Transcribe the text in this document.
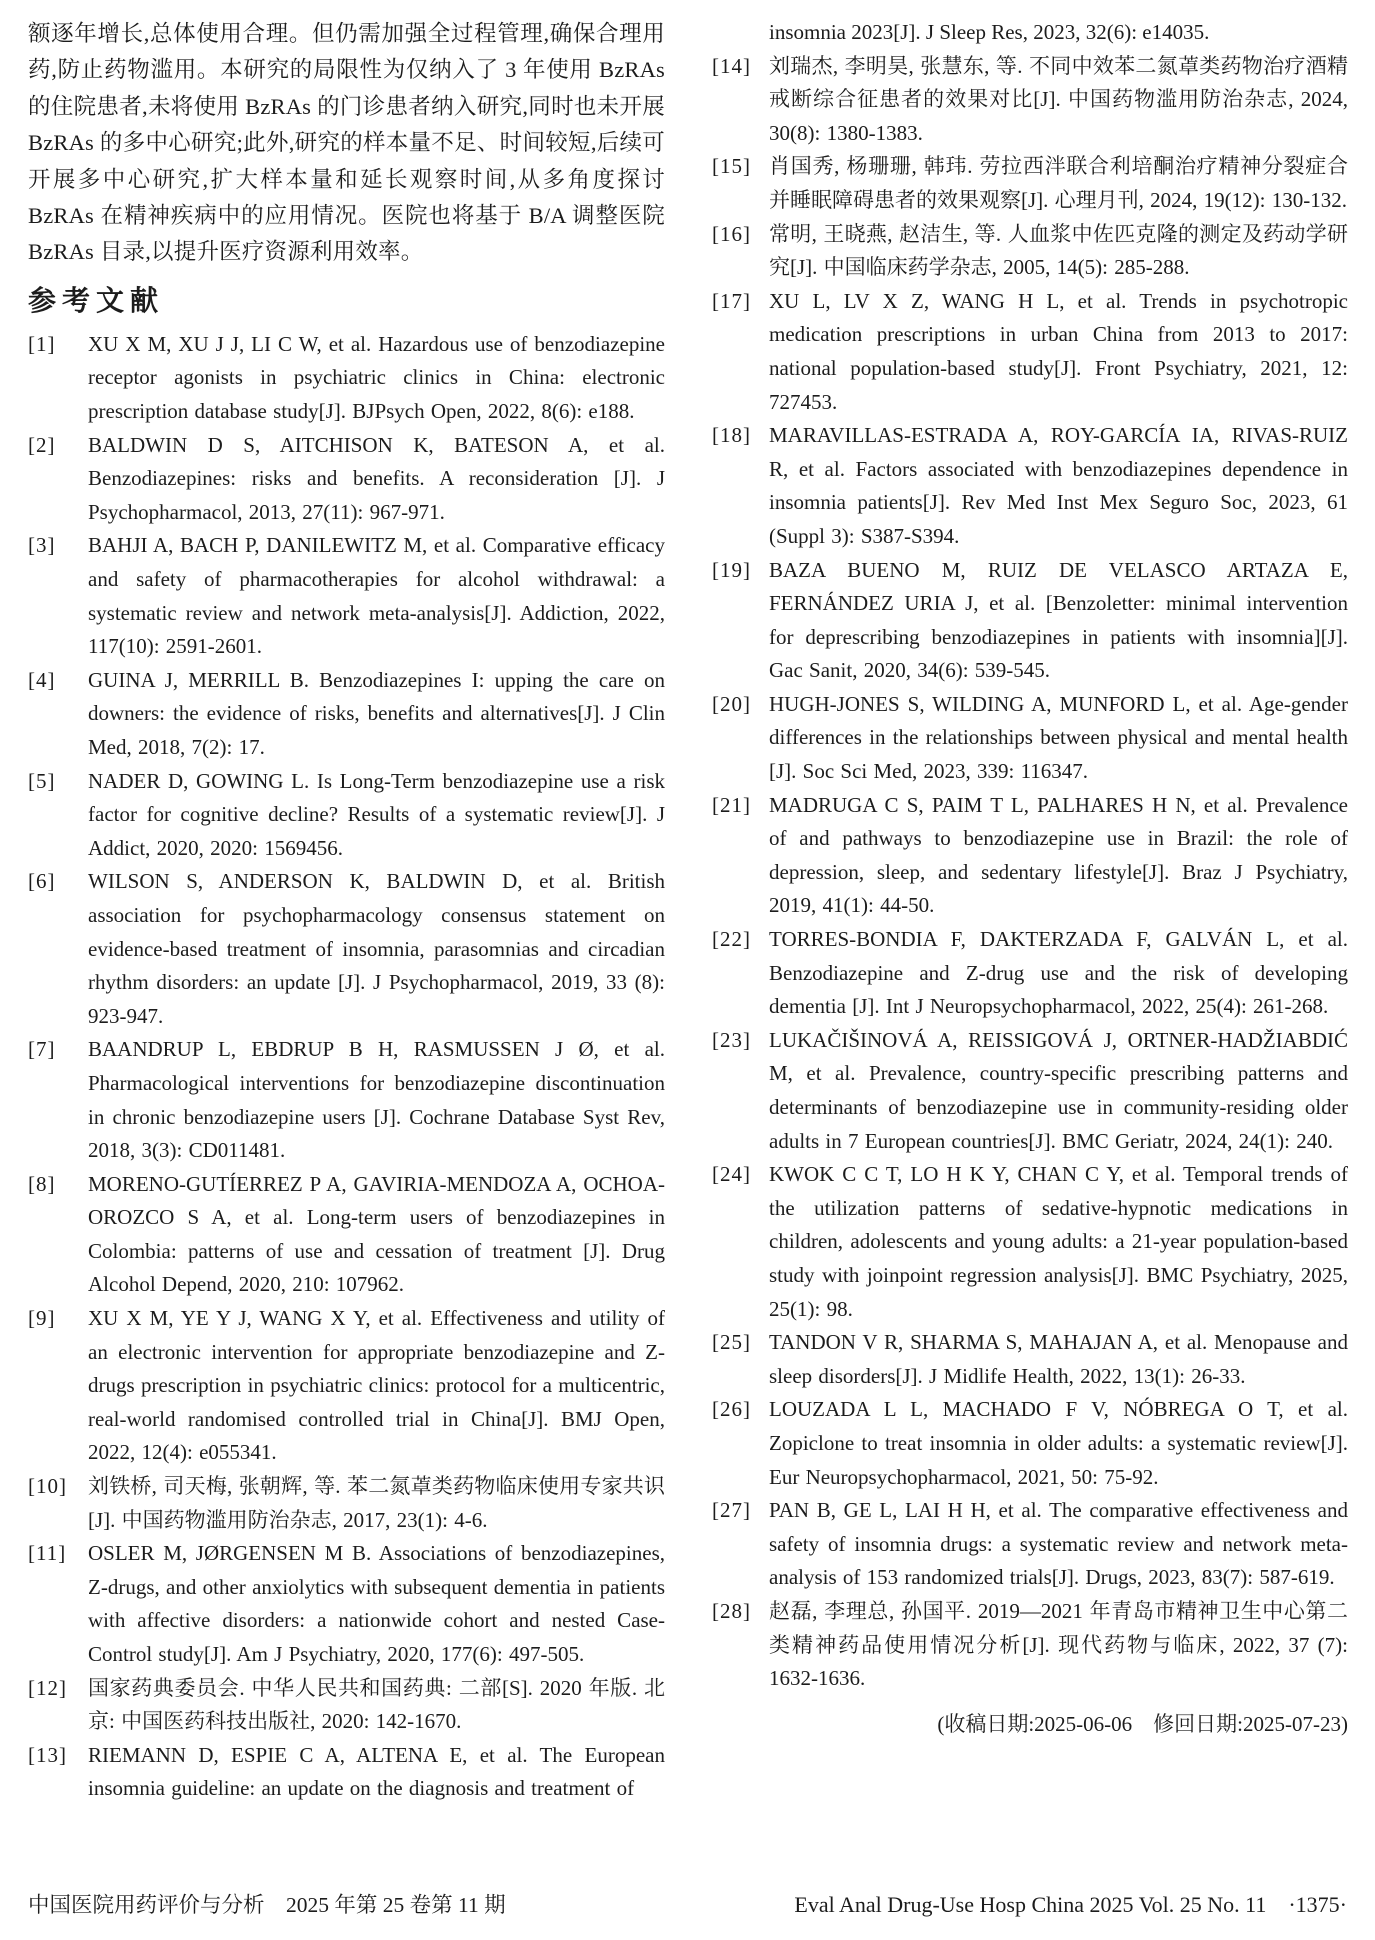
额逐年增长,总体使用合理。但仍需加强全过程管理,确保合理用药,防止药物滥用。本研究的局限性为仅纳入了 3 年使用 BzRAs 的住院患者,未将使用 BzRAs 的门诊患者纳入研究,同时也未开展 BzRAs 的多中心研究;此外,研究的样本量不足、时间较短,后续可开展多中心研究,扩大样本量和延长观察时间,从多角度探讨 BzRAs 在精神疾病中的应用情况。医院也将基于 B/A 调整医院 BzRAs 目录,以提升医疗资源利用效率。

参考文献
[1] XU X M, XU J J, LI C W, et al. Hazardous use of benzodiazepine receptor agonists in psychiatric clinics in China: electronic prescription database study[J]. BJPsych Open, 2022, 8(6): e188.
[2] BALDWIN D S, AITCHISON K, BATESON A, et al. Benzodiazepines: risks and benefits. A reconsideration [J]. J Psychopharmacol, 2013, 27(11): 967-971.
[3] BAHJI A, BACH P, DANILEWITZ M, et al. Comparative efficacy and safety of pharmacotherapies for alcohol withdrawal: a systematic review and network meta-analysis[J]. Addiction, 2022, 117(10): 2591-2601.
[4] GUINA J, MERRILL B. Benzodiazepines I: upping the care on downers: the evidence of risks, benefits and alternatives[J]. J Clin Med, 2018, 7(2): 17.
[5] NADER D, GOWING L. Is Long-Term benzodiazepine use a risk factor for cognitive decline? Results of a systematic review[J]. J Addict, 2020, 2020: 1569456.
[6] WILSON S, ANDERSON K, BALDWIN D, et al. British association for psychopharmacology consensus statement on evidence-based treatment of insomnia, parasomnias and circadian rhythm disorders: an update [J]. J Psychopharmacol, 2019, 33 (8): 923-947.
[7] BAANDRUP L, EBDRUP B H, RASMUSSEN J Ø, et al. Pharmacological interventions for benzodiazepine discontinuation in chronic benzodiazepine users [J]. Cochrane Database Syst Rev, 2018, 3(3): CD011481.
[8] MORENO-GUTÍERREZ P A, GAVIRIA-MENDOZA A, OCHOA-OROZCO S A, et al. Long-term users of benzodiazepines in Colombia: patterns of use and cessation of treatment [J]. Drug Alcohol Depend, 2020, 210: 107962.
[9] XU X M, YE Y J, WANG X Y, et al. Effectiveness and utility of an electronic intervention for appropriate benzodiazepine and Z-drugs prescription in psychiatric clinics: protocol for a multicentric, real-world randomised controlled trial in China[J]. BMJ Open, 2022, 12(4): e055341.
[10] 刘铁桥, 司天梅, 张朝辉, 等. 苯二氮䓬类药物临床使用专家共识[J]. 中国药物滥用防治杂志, 2017, 23(1): 4-6.
[11] OSLER M, JØRGENSEN M B. Associations of benzodiazepines, Z-drugs, and other anxiolytics with subsequent dementia in patients with affective disorders: a nationwide cohort and nested Case-Control study[J]. Am J Psychiatry, 2020, 177(6): 497-505.
[12] 国家药典委员会. 中华人民共和国药典: 二部[S]. 2020 年版. 北京: 中国医药科技出版社, 2020: 142-1670.
[13] RIEMANN D, ESPIE C A, ALTENA E, et al. The European insomnia guideline: an update on the diagnosis and treatment of
insomnia 2023[J]. J Sleep Res, 2023, 32(6): e14035.
[14] 刘瑞杰, 李明昊, 张慧东, 等. 不同中效苯二氮䓬类药物治疗酒精戒断综合征患者的效果对比[J]. 中国药物滥用防治杂志, 2024, 30(8): 1380-1383.
[15] 肖国秀, 杨珊珊, 韩玮. 劳拉西泮联合利培酮治疗精神分裂症合并睡眠障碍患者的效果观察[J]. 心理月刊, 2024, 19(12): 130-132.
[16] 常明, 王晓燕, 赵洁生, 等. 人血浆中佐匹克隆的测定及药动学研究[J]. 中国临床药学杂志, 2005, 14(5): 285-288.
[17] XU L, LV X Z, WANG H L, et al. Trends in psychotropic medication prescriptions in urban China from 2013 to 2017: national population-based study[J]. Front Psychiatry, 2021, 12: 727453.
[18] MARAVILLAS-ESTRADA A, ROY-GARCÍA IA, RIVAS-RUIZ R, et al. Factors associated with benzodiazepines dependence in insomnia patients[J]. Rev Med Inst Mex Seguro Soc, 2023, 61 (Suppl 3): S387-S394.
[19] BAZA BUENO M, RUIZ DE VELASCO ARTAZA E, FERNÁNDEZ URIA J, et al. [Benzoletter: minimal intervention for deprescribing benzodiazepines in patients with insomnia][J]. Gac Sanit, 2020, 34(6): 539-545.
[20] HUGH-JONES S, WILDING A, MUNFORD L, et al. Age-gender differences in the relationships between physical and mental health [J]. Soc Sci Med, 2023, 339: 116347.
[21] MADRUGA C S, PAIM T L, PALHARES H N, et al. Prevalence of and pathways to benzodiazepine use in Brazil: the role of depression, sleep, and sedentary lifestyle[J]. Braz J Psychiatry, 2019, 41(1): 44-50.
[22] TORRES-BONDIA F, DAKTERZADA F, GALVÁN L, et al. Benzodiazepine and Z-drug use and the risk of developing dementia [J]. Int J Neuropsychopharmacol, 2022, 25(4): 261-268.
[23] LUKAČIŠINOVÁ A, REISSIGOVÁ J, ORTNER-HADŽIABDIĆ M, et al. Prevalence, country-specific prescribing patterns and determinants of benzodiazepine use in community-residing older adults in 7 European countries[J]. BMC Geriatr, 2024, 24(1): 240.
[24] KWOK C C T, LO H K Y, CHAN C Y, et al. Temporal trends of the utilization patterns of sedative-hypnotic medications in children, adolescents and young adults: a 21-year population-based study with joinpoint regression analysis[J]. BMC Psychiatry, 2025, 25(1): 98.
[25] TANDON V R, SHARMA S, MAHAJAN A, et al. Menopause and sleep disorders[J]. J Midlife Health, 2022, 13(1): 26-33.
[26] LOUZADA L L, MACHADO F V, NÓBREGA O T, et al. Zopiclone to treat insomnia in older adults: a systematic review[J]. Eur Neuropsychopharmacol, 2021, 50: 75-92.
[27] PAN B, GE L, LAI H H, et al. The comparative effectiveness and safety of insomnia drugs: a systematic review and network meta-analysis of 153 randomized trials[J]. Drugs, 2023, 83(7): 587-619.
[28] 赵磊, 李理总, 孙国平. 2019—2021 年青岛市精神卫生中心第二类精神药品使用情况分析[J]. 现代药物与临床, 2022, 37 (7): 1632-1636.
(收稿日期:2025-06-06　修回日期:2025-07-23)
中国医院用药评价与分析　2025 年第 25 卷第 11 期	Eval Anal Drug-Use Hosp China 2025 Vol. 25 No. 11　·1375·
